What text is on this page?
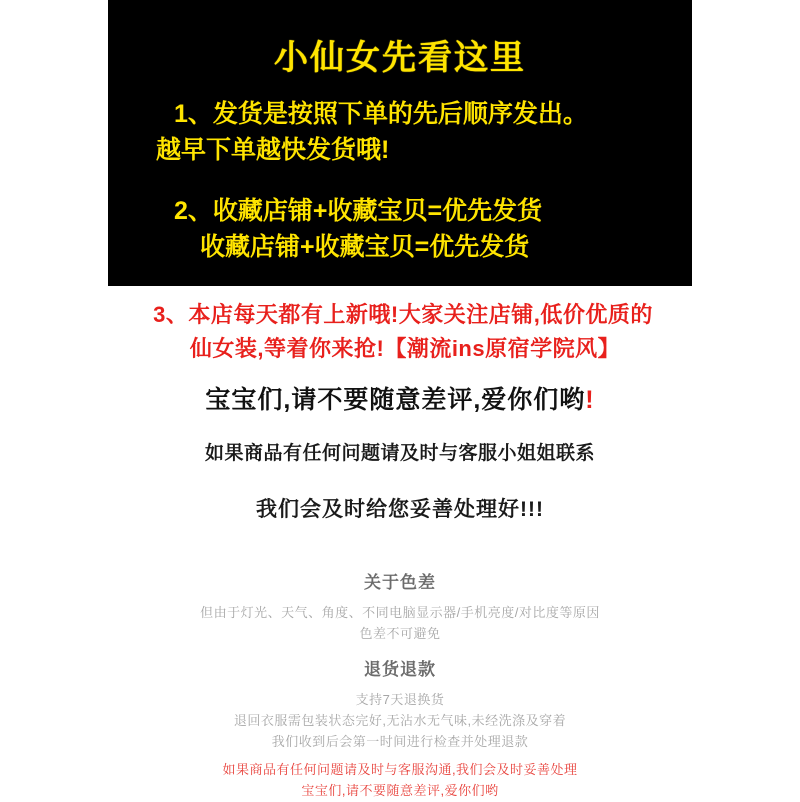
小仙女先看这里
1、发货是按照下单的先后顺序发出。
越早下单越快发货哦!
2、收藏店铺+收藏宝贝=优先发货
收藏店铺+收藏宝贝=优先发货
3、本店每天都有上新哦!大家关注店铺,低价优质的
仙女装,等着你来抢!【潮流ins原宿学院风】
宝宝们,请不要随意差评,爱你们哟!
如果商品有任何问题请及时与客服小姐姐联系
我们会及时给您妥善处理好!!!
关于色差
但由于灯光、天气、角度、不同电脑显示器/手机亮度/对比度等原因
色差不可避免
退货退款
支持7天退换货
退回衣服需包装状态完好,无沾水无气味,未经洗涤及穿着
我们收到后会第一时间进行检查并处理退款
如果商品有任何问题请及时与客服沟通,我们会及时妥善处理
宝宝们,请不要随意差评,爱你们哟
